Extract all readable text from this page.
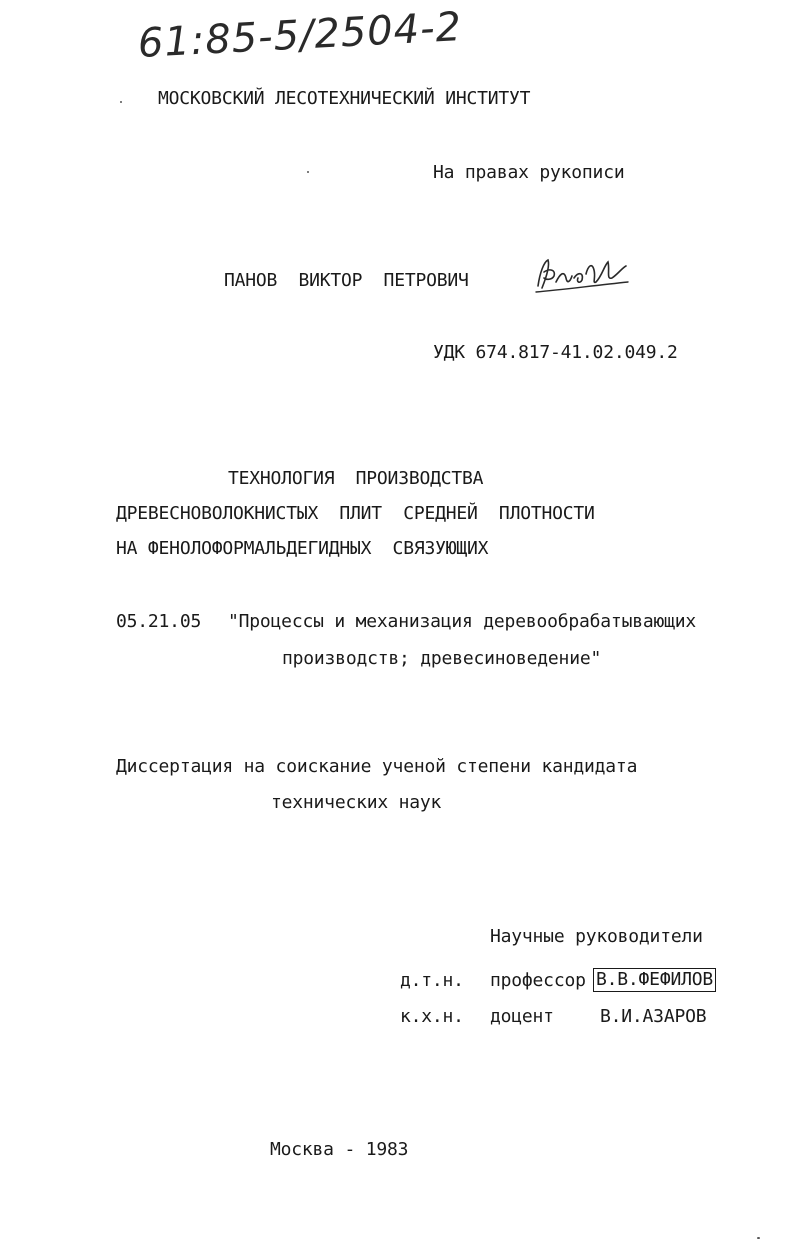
61:85-5/2504-2
МОСКОВСКИЙ ЛЕСОТЕХНИЧЕСКИЙ ИНСТИТУТ
На правах рукописи
ПАНОВ  ВИКТОР  ПЕТРОВИЧ
УДК 674.817-41.02.049.2
ТЕХНОЛОГИЯ  ПРОИЗВОДСТВА
ДРЕВЕСНОВОЛОКНИСТЫХ  ПЛИТ  СРЕДНЕЙ  ПЛОТНОСТИ
НА ФЕНОЛОФОРМАЛЬДЕГИДНЫХ  СВЯЗУЮЩИХ
05.21.05 "Процессы и механизация деревообрабатывающих
производств; древесиноведение"
Диссертация на соискание ученой степени кандидата
технических наук
Научные руководители
д.т.н. профессор В.В.ФЕФИЛОВ
к.х.н. доцент	В.И.АЗАРОВ
Москва - 1983
